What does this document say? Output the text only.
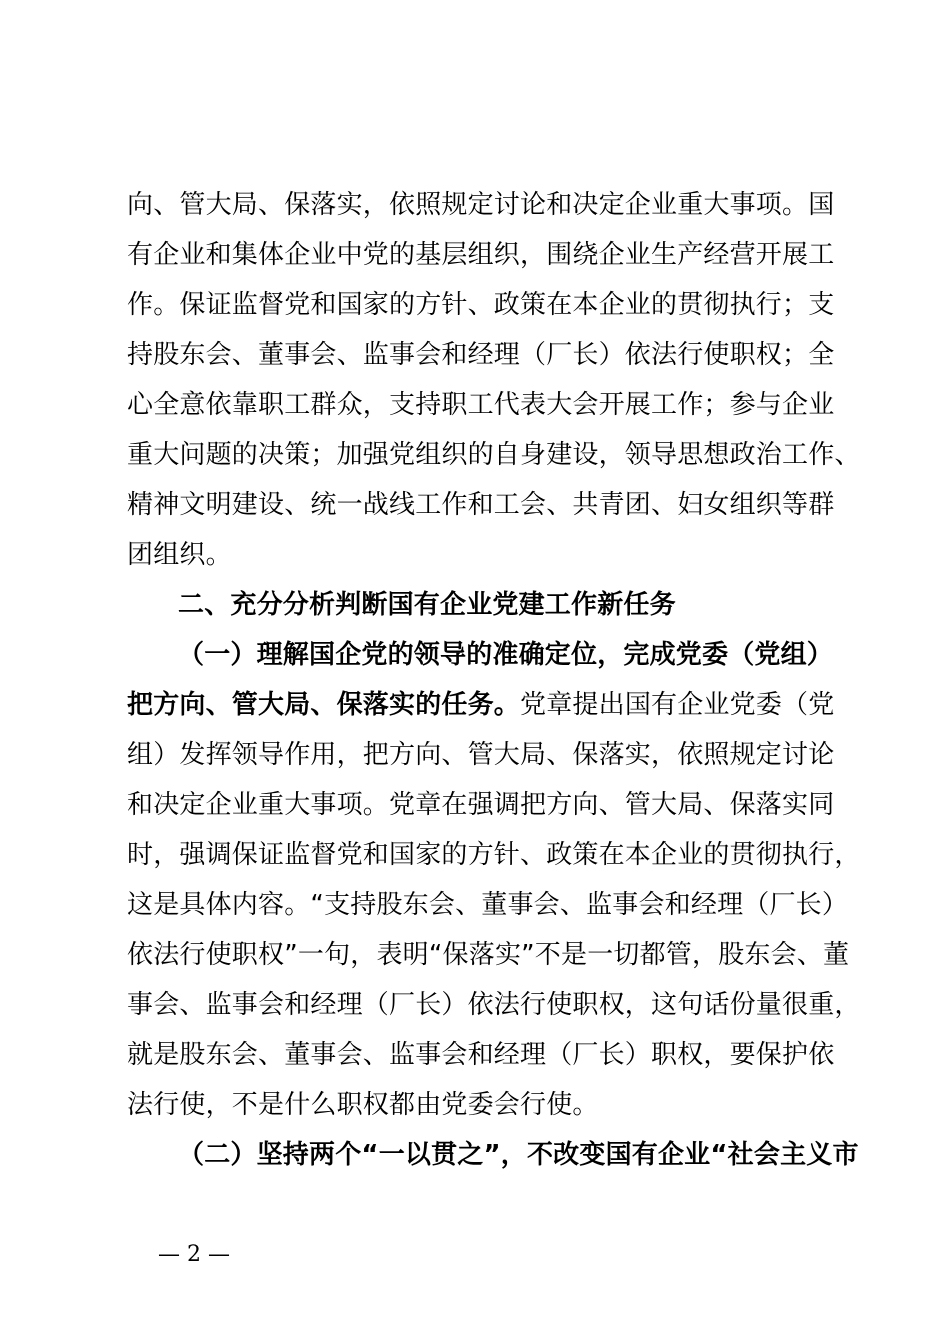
向、管大局、保落实，依照规定讨论和决定企业重大事项。国
有企业和集体企业中党的基层组织，围绕企业生产经营开展工
作。保证监督党和国家的方针、政策在本企业的贯彻执行；支
持股东会、董事会、监事会和经理（厂长）依法行使职权；全
心全意依靠职工群众，支持职工代表大会开展工作；参与企业
重大问题的决策；加强党组织的自身建设，领导思想政治工作、
精神文明建设、统一战线工作和工会、共青团、妇女组织等群
团组织。
二、充分分析判断国有企业党建工作新任务
（一）理解国企党的领导的准确定位，完成党委（党组）
把方向、管大局、保落实的任务。党章提出国有企业党委（党
组）发挥领导作用，把方向、管大局、保落实，依照规定讨论
和决定企业重大事项。党章在强调把方向、管大局、保落实同
时，强调保证监督党和国家的方针、政策在本企业的贯彻执行，
这是具体内容。“支持股东会、董事会、监事会和经理（厂长）
依法行使职权”一句，表明“保落实”不是一切都管，股东会、董
事会、监事会和经理（厂长）依法行使职权，这句话份量很重，
就是股东会、董事会、监事会和经理（厂长）职权，要保护依
法行使，不是什么职权都由党委会行使。
（二）坚持两个“一以贯之”，不改变国有企业“社会主义市
— 2 —
